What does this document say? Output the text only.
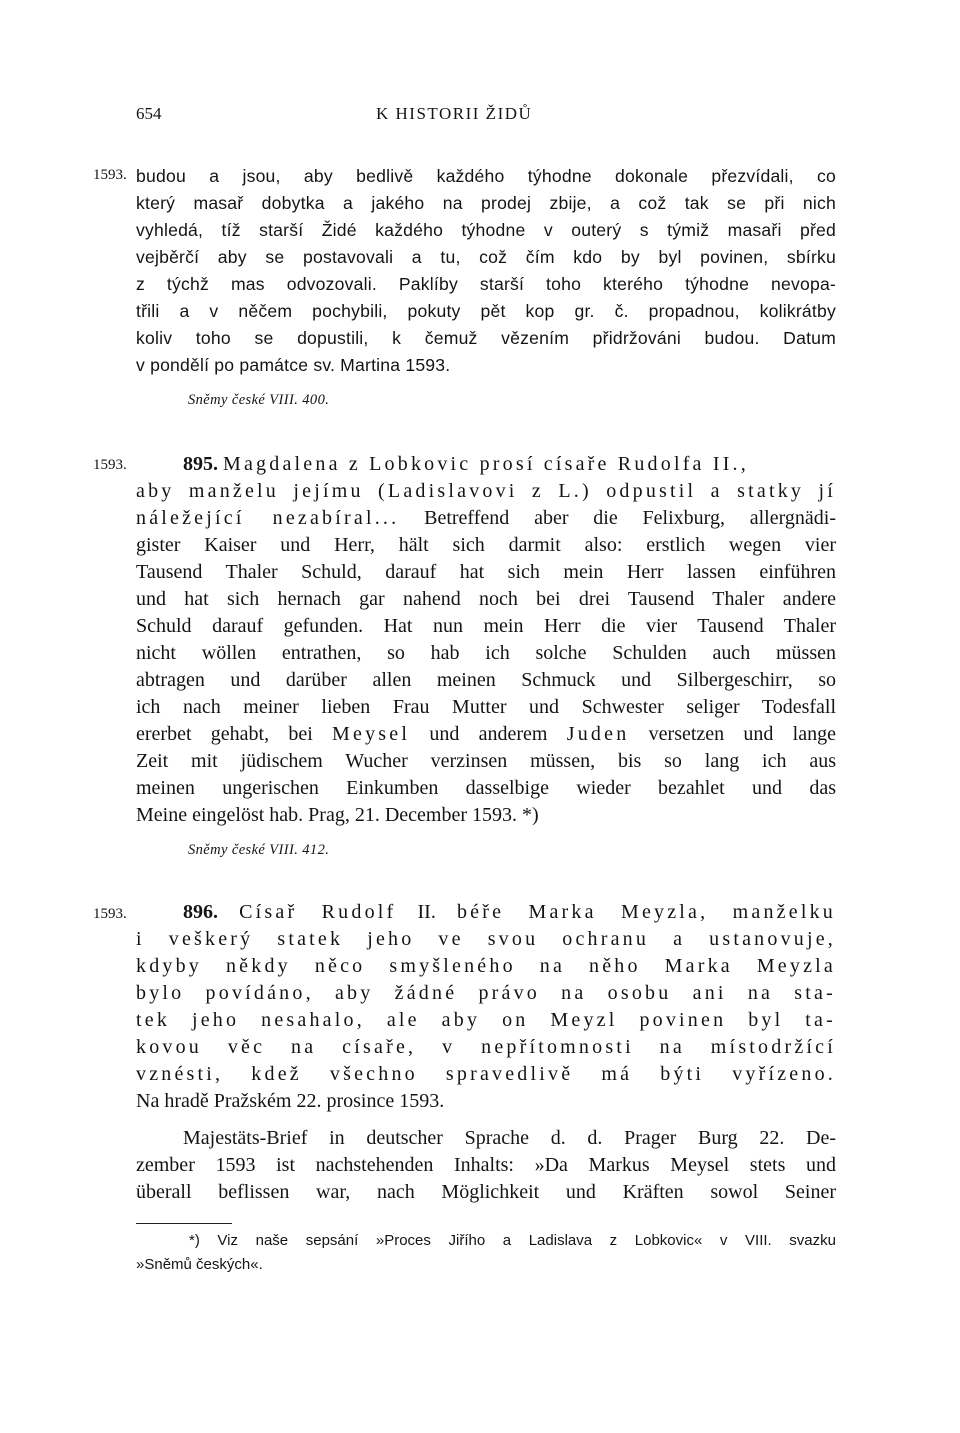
654	K HISTORII ŽIDŮ
1593. budou a jsou, aby bedlivě každého týhodne dokonale přezvídali, co
který masař dobytka a jakého na prodej zbije, a což tak se při nich
vyhledá, tíž starší Židé každého týhodne v outerý s týmiž masaři před
vejběrčí aby se postavovali a tu, což čím kdo by byl povinen, sbírku
z týchž mas odvozovali. Paklíby starší toho kterého týhodne nevopa-
třili a v něčem pochybili, pokuty pět kop gr. č. propadnou, kolikrátby
koliv toho se dopustili, k čemuž vězením přidržováni budou. Datum
v pondělí po památce sv. Martina 1593.
Sněmy české VIII. 400.
1593.	895. Magdalena z Lobkovic prosí císaře Rudolfa II.,
aby manželu jejímu (Ladislavovi z L.) odpustil a statky jí
náležející nezabíral... Betreffend aber die Felixburg, allergnädi-
gister Kaiser und Herr, hält sich darmit also: erstlich wegen vier
Tausend Thaler Schuld, darauf hat sich mein Herr lassen einführen
und hat sich hernach gar nahend noch bei drei Tausend Thaler andere
Schuld darauf gefunden. Hat nun mein Herr die vier Tausend Thaler
nicht wöllen entrathen, so hab ich solche Schulden auch müssen
abtragen und darüber allen meinen Schmuck und Silbergeschirr, so
ich nach meiner lieben Frau Mutter und Schwester seliger Todesfall
ererbet gehabt, bei Meysel und anderem Juden versetzen und lange
Zeit mit jüdischem Wucher verzinsen müssen, bis so lang ich aus
meinen ungerischen Einkumben dasselbige wieder bezahlet und das
Meine eingelöst hab. Prag, 21. December 1593. *)
Sněmy české VIII. 412.
1593.	896. Císař Rudolf II. béře Marka Meyzla, manželku
i veškerý statek jeho ve svou ochranu a ustanovuje,
kdyby někdy něco smyšleného na něho Marka Meyzla
bylo povídáno, aby žádné právo na osobu ani na sta-
tek jeho nesahalo, ale aby on Meyzl povinen byl ta-
kovou věc na císaře, v nepřítomnosti na místodržící
vznésti, kdež všechno spravedlivě má býti vyřízeno.
Na hradě Pražském 22. prosince 1593.
Majestäts-Brief in deutscher Sprache d. d. Prager Burg 22. De-
zember 1593 ist nachstehenden Inhalts: »Da Markus Meysel stets und
überall beflissen war, nach Möglichkeit und Kräften sowol Seiner
*) Viz naše sepsání »Proces Jiřího a Ladislava z Lobkovic« v VIII. svazku
»Sněmů českých«.
